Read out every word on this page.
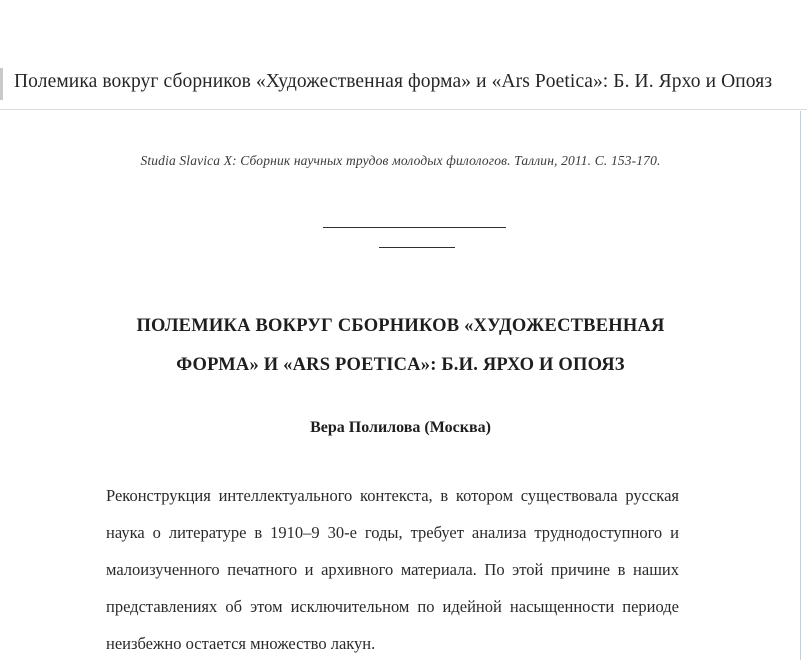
Полемика вокруг сборников «Художественная форма» и «Ars Poetica»: Б. И. Ярхо и Опояз
Studia Slavica X: Сборник научных трудов молодых филологов. Таллин, 2011. С. 153-170.
ПОЛЕМИКА ВОКРУГ СБОРНИКОВ «ХУДОЖЕСТВЕННАЯ
ФОРМА» И «ARS POETICA»: Б.И. ЯРХО И ОПОЯЗ
Вера Полилова (Москва)

Реконструкция интеллектуального контекста, в котором существовала русская наука о литературе в 1910–9 30-е годы, требует анализа труднодоступного и малоизученного печатного и архивного материала. По этой причине в наших представлениях об этом исключительном по идейной насыщенности периоде неизбежно остается множество лакун.
